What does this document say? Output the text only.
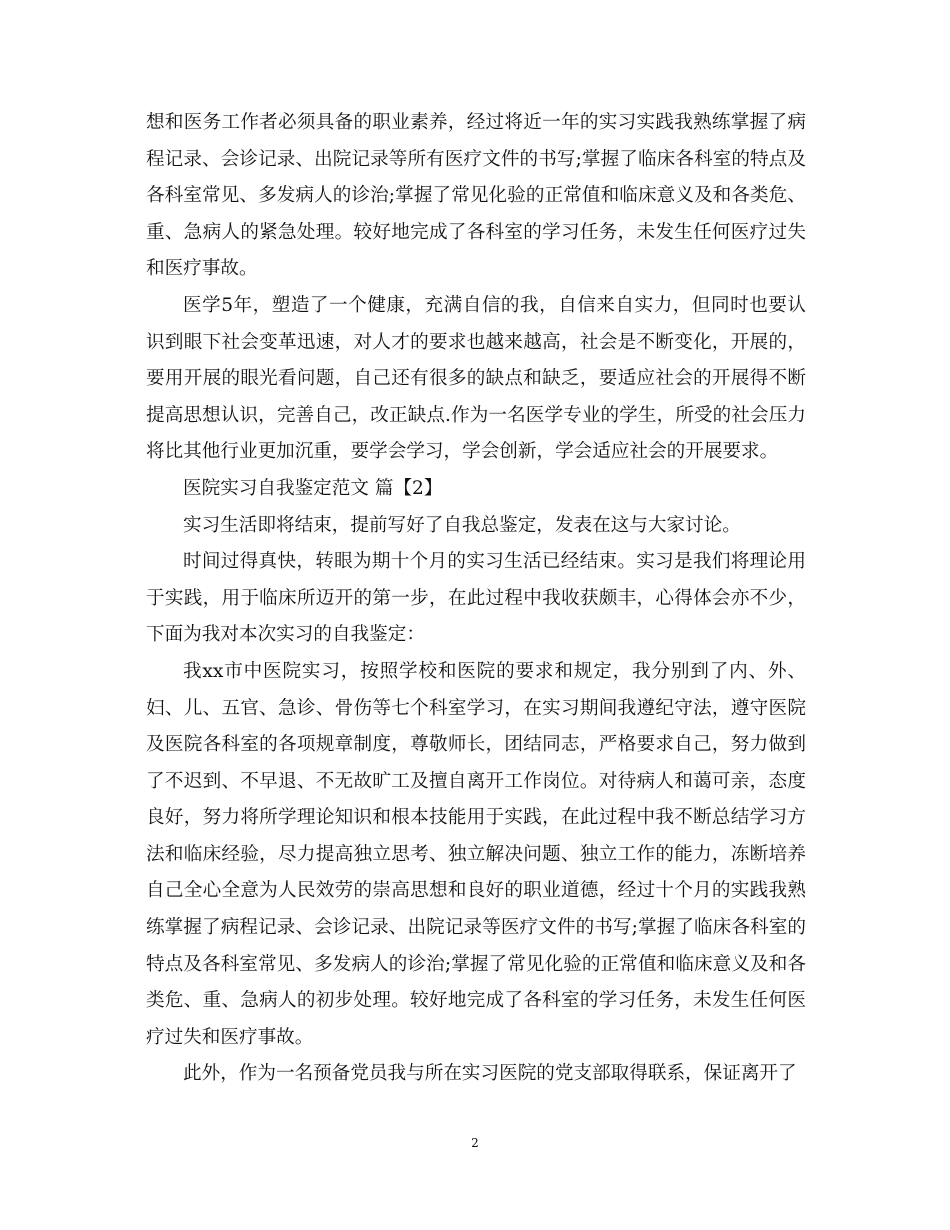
想和医务工作者必须具备的职业素养，经过将近一年的实习实践我熟练掌握了病程记录、会诊记录、出院记录等所有医疗文件的书写;掌握了临床各科室的特点及各科室常见、多发病人的诊治;掌握了常见化验的正常值和临床意义及和各类危、重、急病人的紧急处理。较好地完成了各科室的学习任务，未发生任何医疗过失和医疗事故。

医学5年，塑造了一个健康，充满自信的我，自信来自实力，但同时也要认识到眼下社会变革迅速，对人才的要求也越来越高，社会是不断变化，开展的，要用开展的眼光看问题，自己还有很多的缺点和缺乏，要适应社会的开展得不断提高思想认识，完善自己，改正缺点.作为一名医学专业的学生，所受的社会压力将比其他行业更加沉重，要学会学习，学会创新，学会适应社会的开展要求。

医院实习自我鉴定范文 篇【2】

实习生活即将结束，提前写好了自我总鉴定，发表在这与大家讨论。

时间过得真快，转眼为期十个月的实习生活已经结束。实习是我们将理论用于实践，用于临床所迈开的第一步，在此过程中我收获颇丰，心得体会亦不少，下面为我对本次实习的自我鉴定：

我xx市中医院实习，按照学校和医院的要求和规定，我分别到了内、外、妇、儿、五官、急诊、骨伤等七个科室学习，在实习期间我遵纪守法，遵守医院及医院各科室的各项规章制度，尊敬师长，团结同志，严格要求自己，努力做到了不迟到、不早退、不无故旷工及擅自离开工作岗位。对待病人和蔼可亲，态度良好，努力将所学理论知识和根本技能用于实践，在此过程中我不断总结学习方法和临床经验，尽力提高独立思考、独立解决问题、独立工作的能力，冻断培养自己全心全意为人民效劳的崇高思想和良好的职业道德，经过十个月的实践我熟练掌握了病程记录、会诊记录、出院记录等医疗文件的书写;掌握了临床各科室的特点及各科室常见、多发病人的诊治;掌握了常见化验的正常值和临床意义及和各类危、重、急病人的初步处理。较好地完成了各科室的学习任务，未发生任何医疗过失和医疗事故。

此外，作为一名预备党员我与所在实习医院的党支部取得联系，保证离开了

2
